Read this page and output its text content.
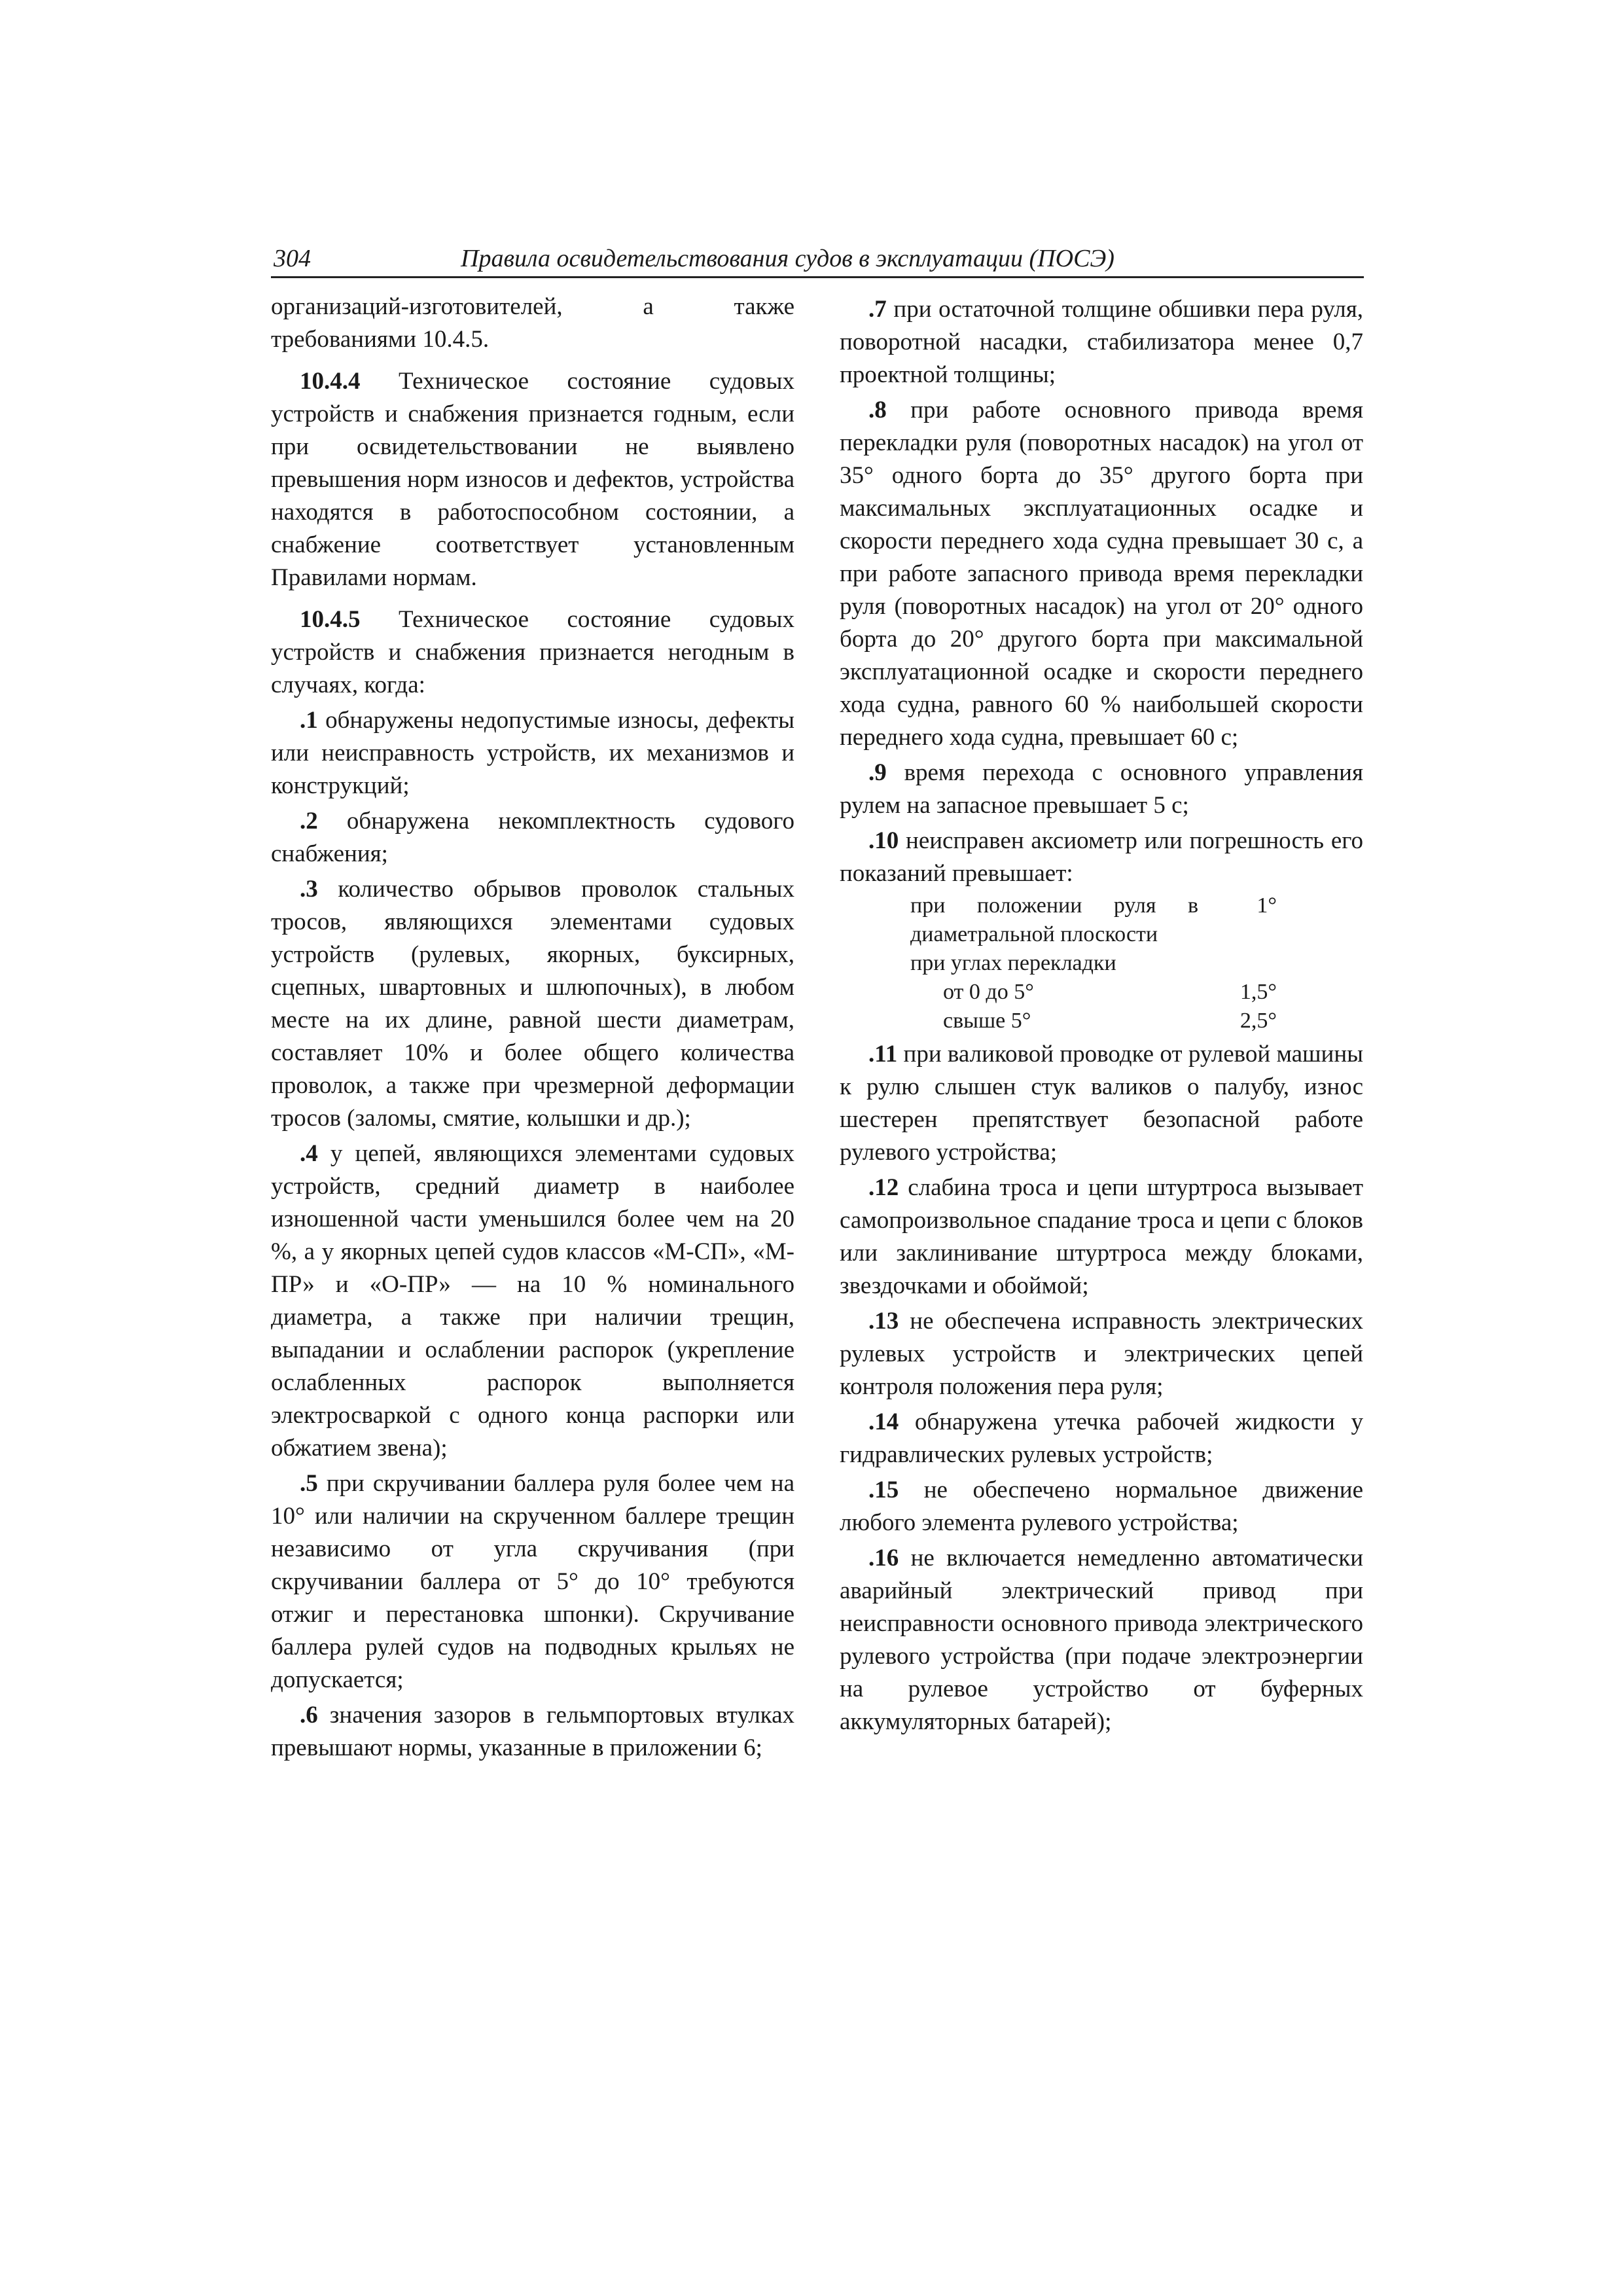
304	Правила освидетельствования судов в эксплуатации (ПОСЭ)

организаций-изготовителей, а также требованиями 10.4.5.

10.4.4 Техническое состояние судовых устройств и снабжения признается годным, если при освидетельствовании не выявлено превышения норм износов и дефектов, устройства находятся в работоспособном состоянии, а снабжение соответствует установленным Правилами нормам.

10.4.5 Техническое состояние судовых устройств и снабжения признается негодным в случаях, когда:

.1 обнаружены недопустимые износы, дефекты или неисправность устройств, их механизмов и конструкций;

.2 обнаружена некомплектность судового снабжения;

.3 количество обрывов проволок стальных тросов, являющихся элементами судовых устройств (рулевых, якорных, буксирных, сцепных, швартовных и шлюпочных), в любом месте на их длине, равной шести диаметрам, составляет 10% и более общего количества проволок, а также при чрезмерной деформации тросов (заломы, смятие, колышки и др.);

.4 у цепей, являющихся элементами судовых устройств, средний диаметр в наиболее изношенной части уменьшился более чем на 20 %, а у якорных цепей судов классов «М-СП», «М-ПР» и «О-ПР» — на 10 % номинального диаметра, а также при наличии трещин, выпадании и ослаблении распорок (укрепление ослабленных распорок выполняется электросваркой с одного конца распорки или обжатием звена);

.5 при скручивании баллера руля более чем на 10° или наличии на скрученном баллере трещин независимо от угла скручивания (при скручивании баллера от 5° до 10° требуются отжиг и перестановка шпонки). Скручивание баллера рулей судов на подводных крыльях не допускается;

.6 значения зазоров в гельмпортовых втулках превышают нормы, указанные в приложении 6;

.7 при остаточной толщине обшивки пера руля, поворотной насадки, стабилизатора менее 0,7 проектной толщины;

.8 при работе основного привода время перекладки руля (поворотных насадок) на угол от 35° одного борта до 35° другого борта при максимальных эксплуатационных осадке и скорости переднего хода судна превышает 30 с, а при работе запасного привода время перекладки руля (поворотных насадок) на угол от 20° одного борта до 20° другого борта при максимальной эксплуатационной осадке и скорости переднего хода судна, равного 60 % наибольшей скорости переднего хода судна, превышает 60 с;

.9 время перехода с основного управления рулем на запасное превышает 5 с;

.10 неисправен аксиометр или погрешность его показаний превышает:

при положении руля в диаметральной плоскости	1°
при углах перекладки	
от 0 до 5°	1,5°
свыше 5°	2,5°

.11 при валиковой проводке от рулевой машины к рулю слышен стук валиков о палубу, износ шестерен препятствует безопасной работе рулевого устройства;

.12 слабина троса и цепи штуртроса вызывает самопроизвольное спадание троса и цепи с блоков или заклинивание штуртроса между блоками, звездочками и обоймой;

.13 не обеспечена исправность электрических рулевых устройств и электрических цепей контроля положения пера руля;

.14 обнаружена утечка рабочей жидкости у гидравлических рулевых устройств;

.15 не обеспечено нормальное движение любого элемента рулевого устройства;

.16 не включается немедленно автоматически аварийный электрический привод при неисправности основного привода электрического рулевого устройства (при подаче электроэнергии на рулевое устройство от буферных аккумуляторных батарей);
